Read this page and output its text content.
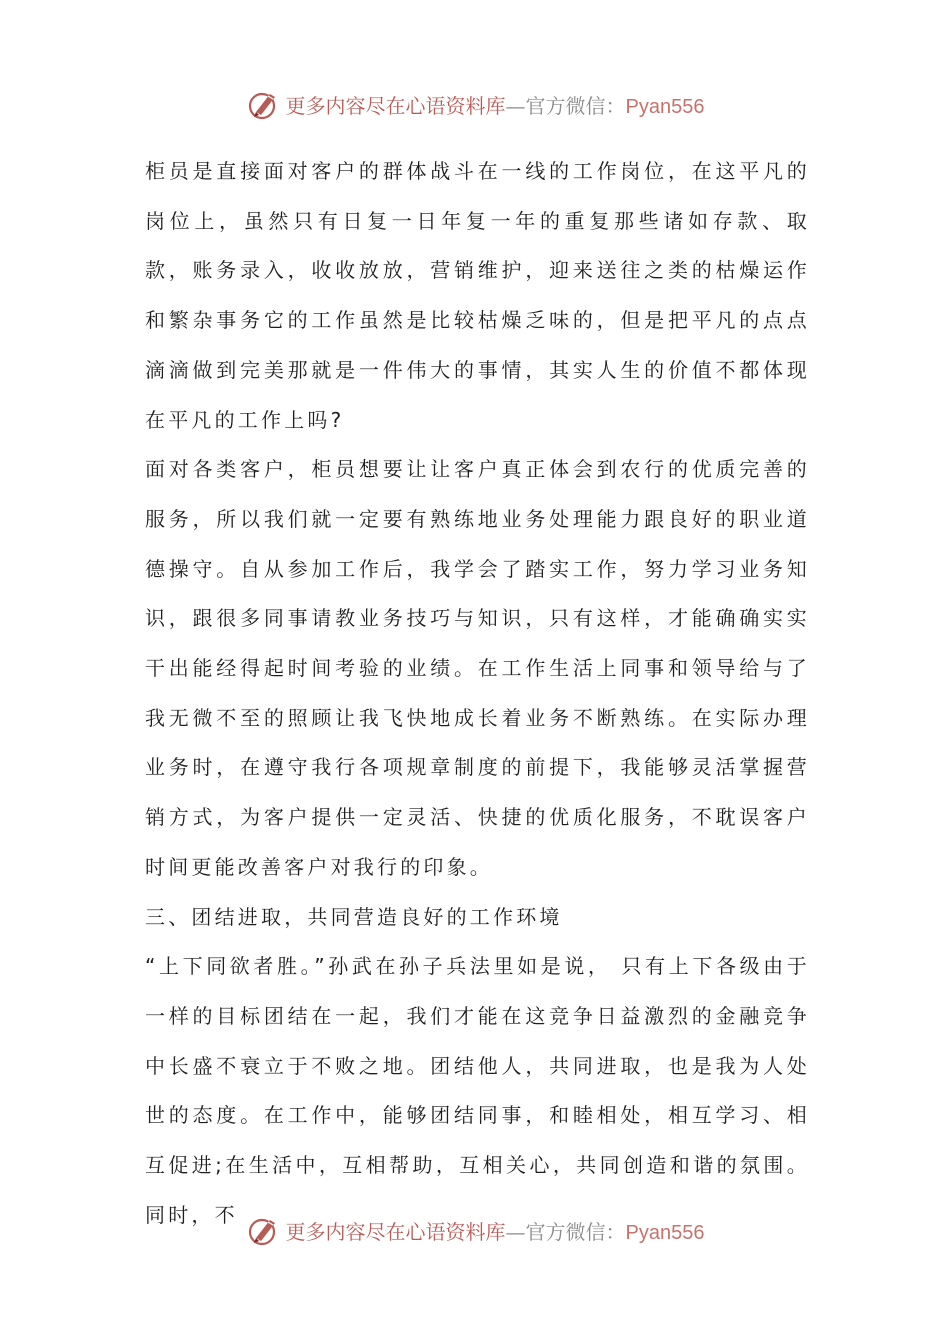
更多内容尽在心语资料库—官方微信：Pyan556

柜员是直接面对客户的群体战斗在一线的工作岗位，在这平凡的岗位上，虽然只有日复一日年复一年的重复那些诸如存款、取款，账务录入，收收放放，营销维护，迎来送往之类的枯燥运作和繁杂事务它的工作虽然是比较枯燥乏味的，但是把平凡的点点滴滴做到完美那就是一件伟大的事情，其实人生的价值不都体现在平凡的工作上吗?

面对各类客户，柜员想要让让客户真正体会到农行的优质完善的服务，所以我们就一定要有熟练地业务处理能力跟良好的职业道德操守。自从参加工作后，我学会了踏实工作，努力学习业务知识，跟很多同事请教业务技巧与知识，只有这样，才能确确实实干出能经得起时间考验的业绩。在工作生活上同事和领导给与了我无微不至的照顾让我飞快地成长着业务不断熟练。在实际办理业务时，在遵守我行各项规章制度的前提下，我能够灵活掌握营销方式，为客户提供一定灵活、快捷的优质化服务，不耽误客户时间更能改善客户对我行的印象。

三、团结进取，共同营造良好的工作环境

“上下同欲者胜。”孙武在孙子兵法里如是说， 只有上下各级由于一样的目标团结在一起，我们才能在这竞争日益激烈的金融竞争中长盛不衰立于不败之地。团结他人，共同进取，也是我为人处世的态度。在工作中，能够团结同事，和睦相处，相互学习、相互促进;在生活中，互相帮助，互相关心，共同创造和谐的氛围。同时，不

更多内容尽在心语资料库—官方微信：Pyan556
